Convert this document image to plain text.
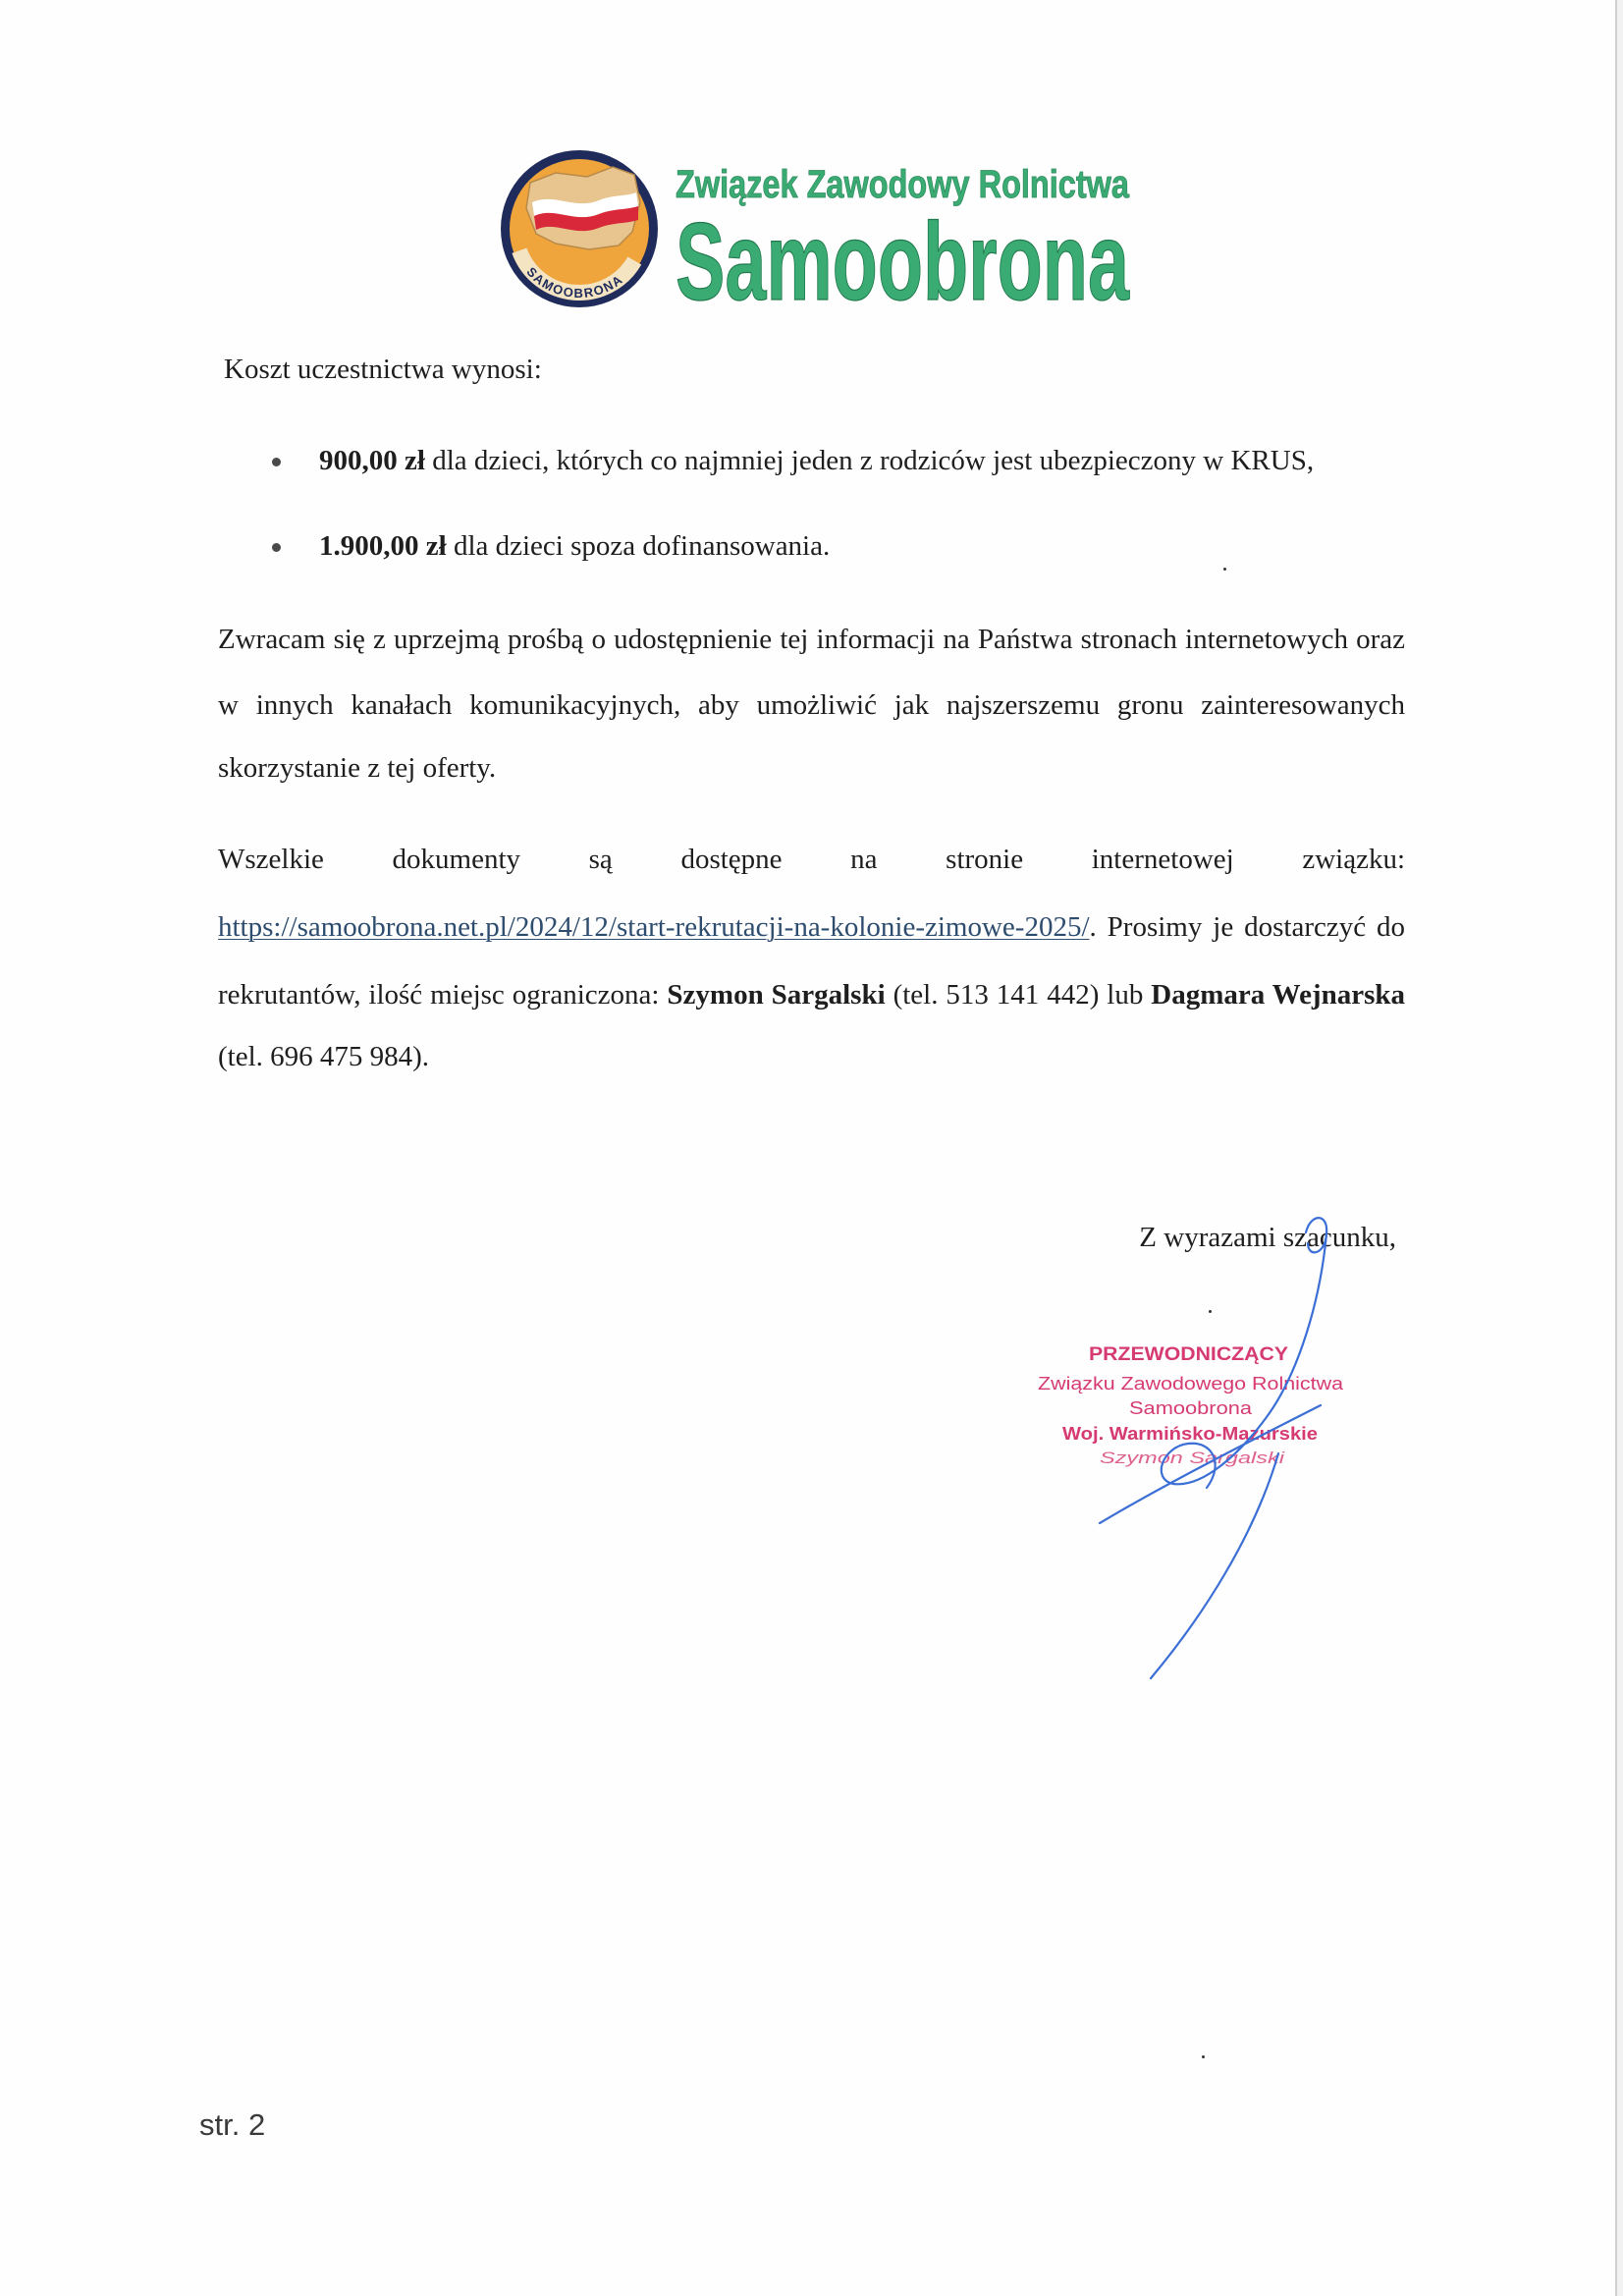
SAMOOBRONA
Związek Zawodowy Rolnictwa
Samoobrona
Koszt uczestnictwa wynosi:
900,00 zł dla dzieci, których co najmniej jeden z rodziców jest ubezpieczony w KRUS,
1.900,00 zł dla dzieci spoza dofinansowania.
Zwracam się z uprzejmą prośbą o udostępnienie tej informacji na Państwa stronach internetowych oraz
w innych kanałach komunikacyjnych, aby umożliwić jak najszerszemu gronu zainteresowanych
skorzystanie z tej oferty.
Wszelkie dokumenty są dostępne na stronie internetowej związku:
https://samoobrona.net.pl/2024/12/start-rekrutacji-na-kolonie-zimowe-2025/. Prosimy je dostarczyć do
rekrutantów, ilość miejsc ograniczona: Szymon Sargalski (tel. 513 141 442) lub Dagmara Wejnarska
(tel. 696 475 984).
Z wyrazami szacunku,
PRZEWODNICZĄCY
Związku Zawodowego Rolnictwa
Samoobrona
Woj. Warmińsko-Mazurskie
Szymon Sargalski
str. 2
